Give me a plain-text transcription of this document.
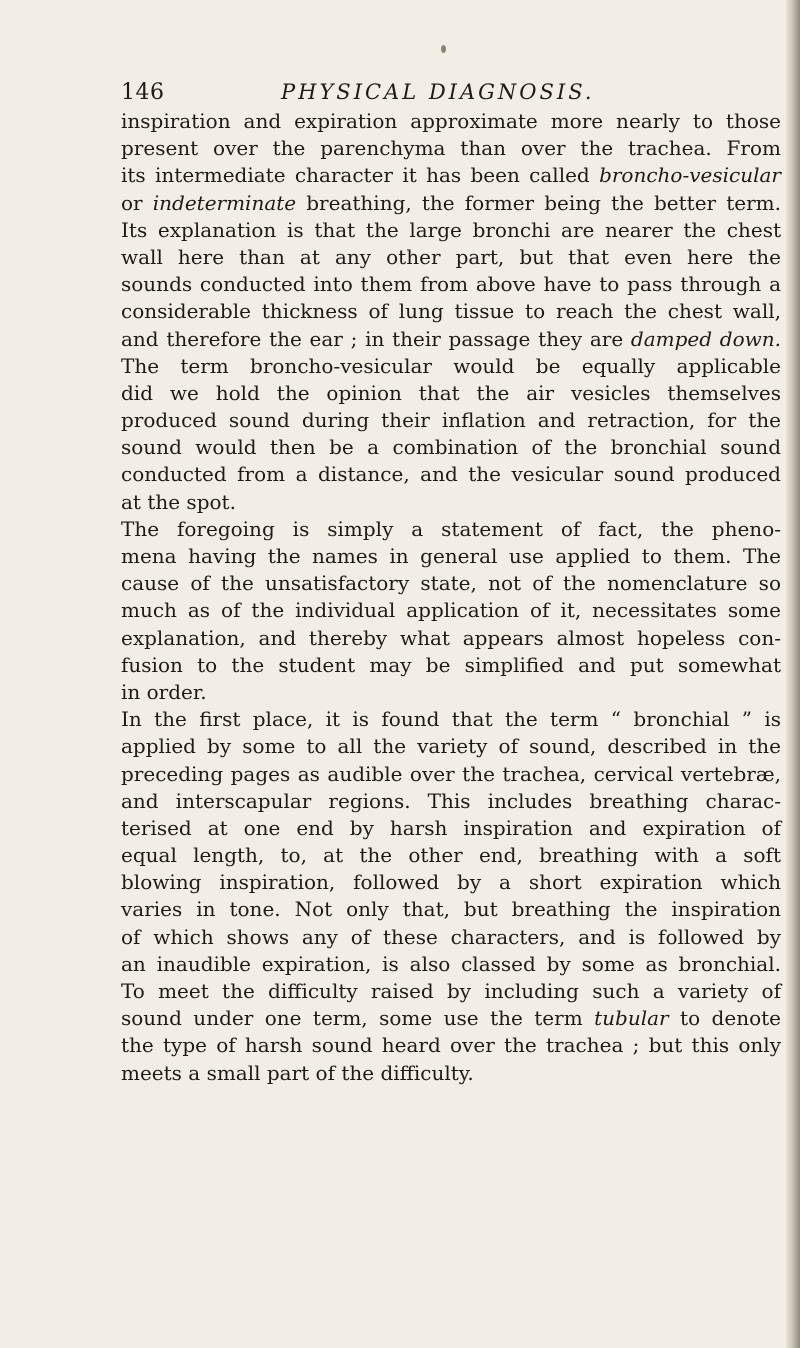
146	PHYSICAL DIAGNOSIS.
inspiration and expiration approximate more nearly to those
present over the parenchyma than over the trachea. From
its intermediate character it has been called broncho-vesicular
or indeterminate breathing, the former being the better term.
Its explanation is that the large bronchi are nearer the chest
wall here than at any other part, but that even here the
sounds conducted into them from above have to pass through a
considerable thickness of lung tissue to reach the chest wall,
and therefore the ear ; in their passage they are damped down.
The term broncho-vesicular would be equally applicable
did we hold the opinion that the air vesicles themselves
produced sound during their inflation and retraction, for the
sound would then be a combination of the bronchial sound
conducted from a distance, and the vesicular sound produced
at the spot.
The foregoing is simply a statement of fact, the pheno-
mena having the names in general use applied to them. The
cause of the unsatisfactory state, not of the nomenclature so
much as of the individual application of it, necessitates some
explanation, and thereby what appears almost hopeless con-
fusion to the student may be simplified and put somewhat
in order.
In the first place, it is found that the term “ bronchial ” is
applied by some to all the variety of sound, described in the
preceding pages as audible over the trachea, cervical vertebræ,
and interscapular regions. This includes breathing charac-
terised at one end by harsh inspiration and expiration of
equal length, to, at the other end, breathing with a soft
blowing inspiration, followed by a short expiration which
varies in tone. Not only that, but breathing the inspiration
of which shows any of these characters, and is followed by
an inaudible expiration, is also classed by some as bronchial.
To meet the difficulty raised by including such a variety of
sound under one term, some use the term tubular to denote
the type of harsh sound heard over the trachea ; but this only
meets a small part of the difficulty.
